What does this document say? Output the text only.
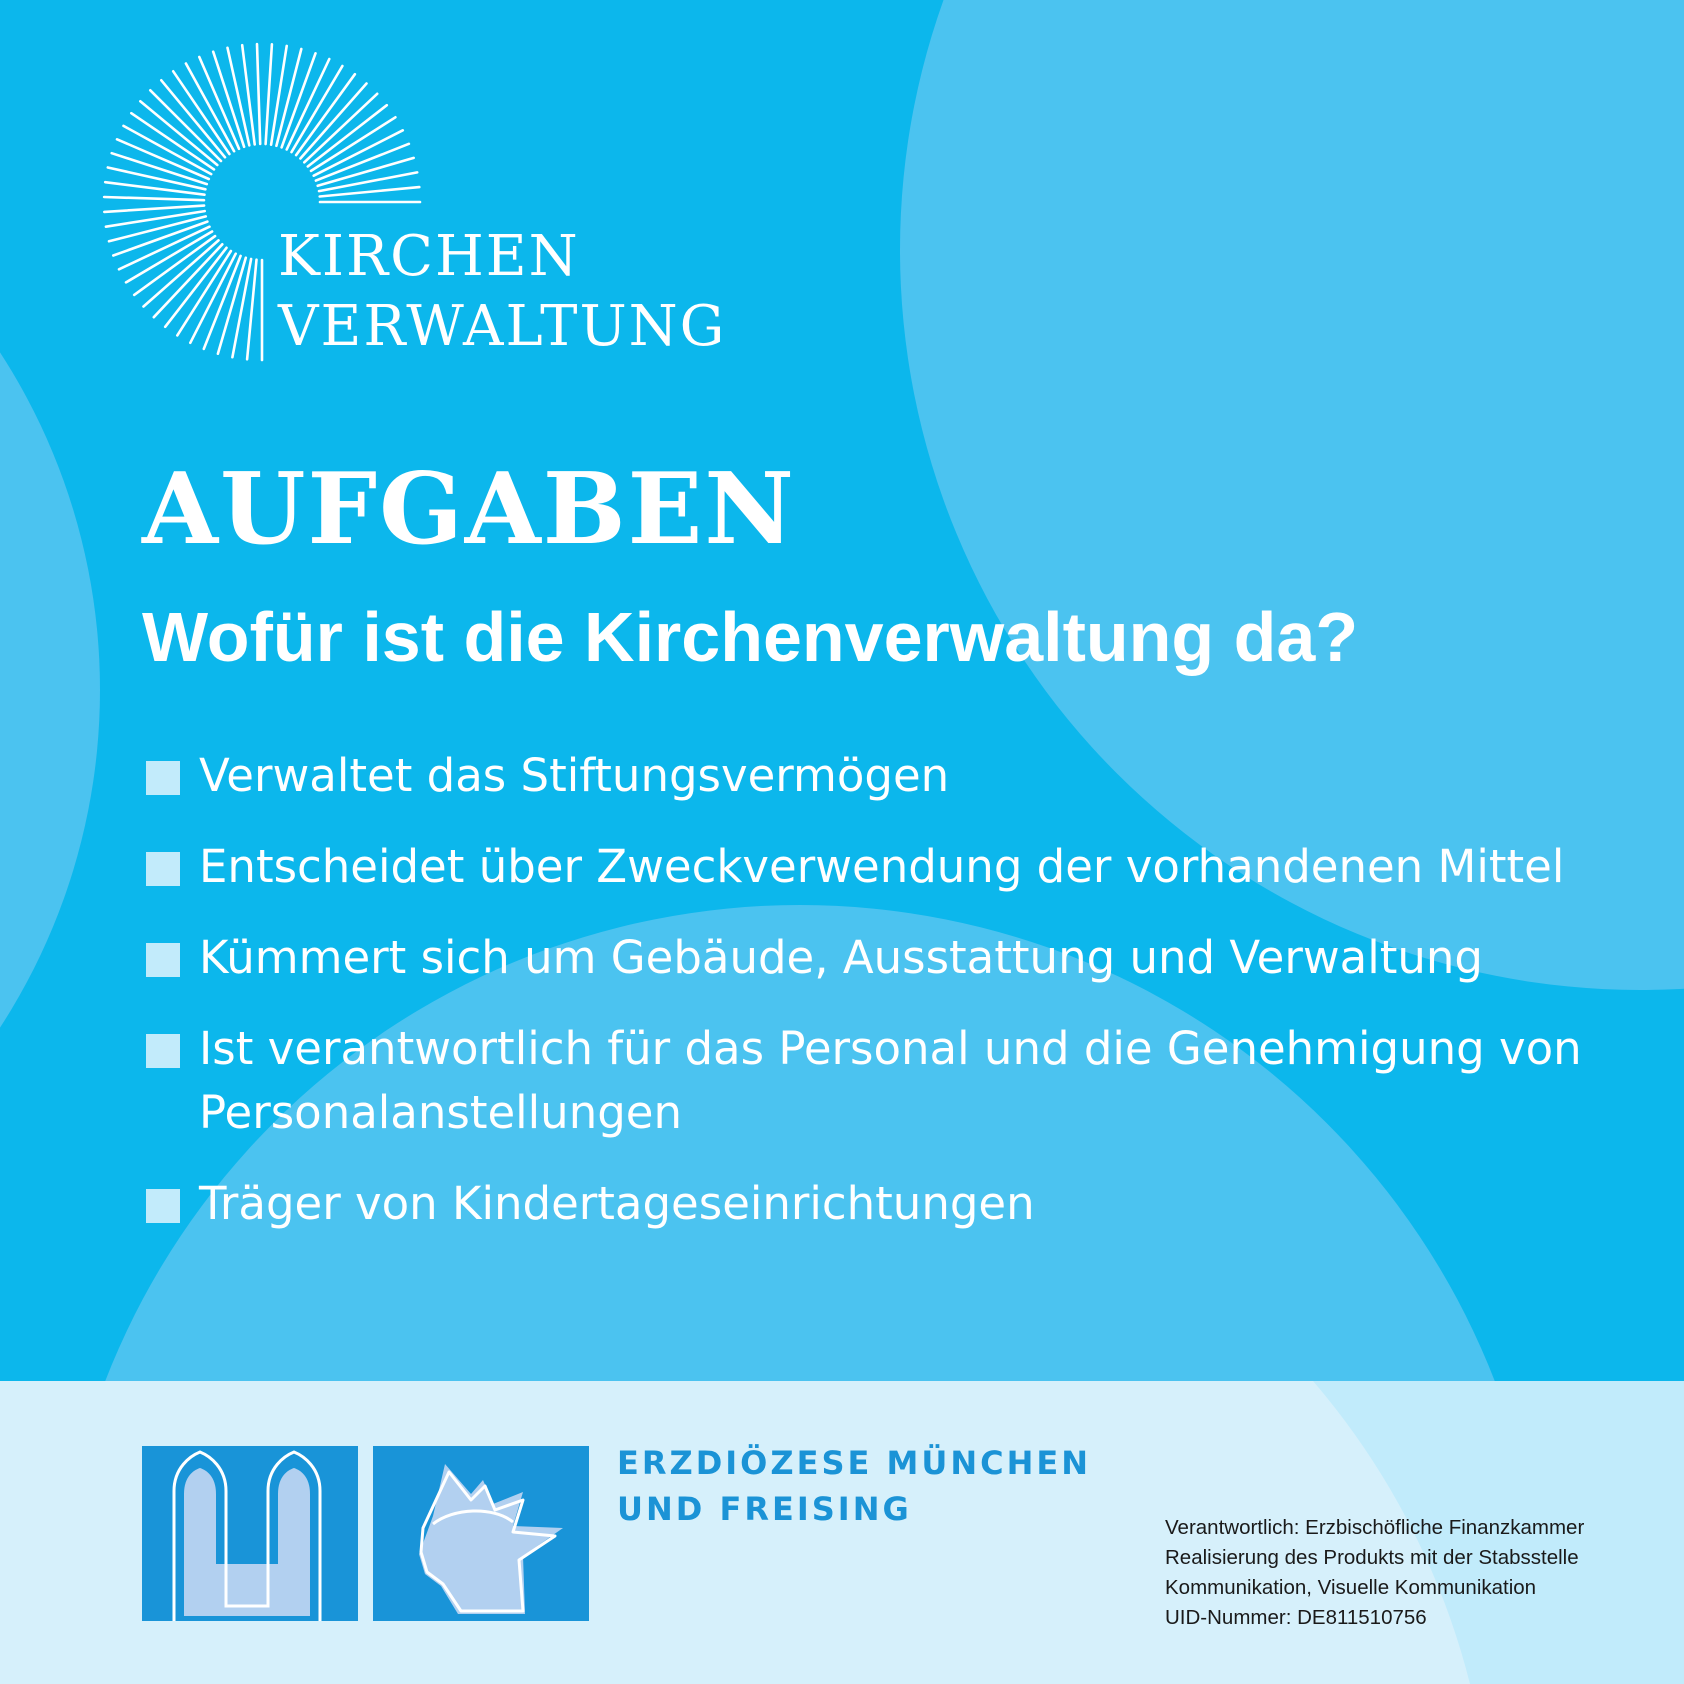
KIRCHEN
VERWALTUNG
AUFGABEN
Wofür ist die Kirchenverwaltung da?
Verwaltet das Stiftungsvermögen
Entscheidet über Zweckverwendung der vorhandenen Mittel
Kümmert sich um Gebäude, Ausstattung und Verwaltung
Ist verantwortlich für das Personal und die Genehmigung von Personalanstellungen
Träger von Kindertageseinrichtungen
ERZDIÖZESE MÜNCHEN
UND FREISING	Verantwortlich: Erzbischöfliche Finanzkammer
Realisierung des Produkts mit der Stabsstelle
Kommunikation, Visuelle Kommunikation
UID-Nummer: DE811510756
